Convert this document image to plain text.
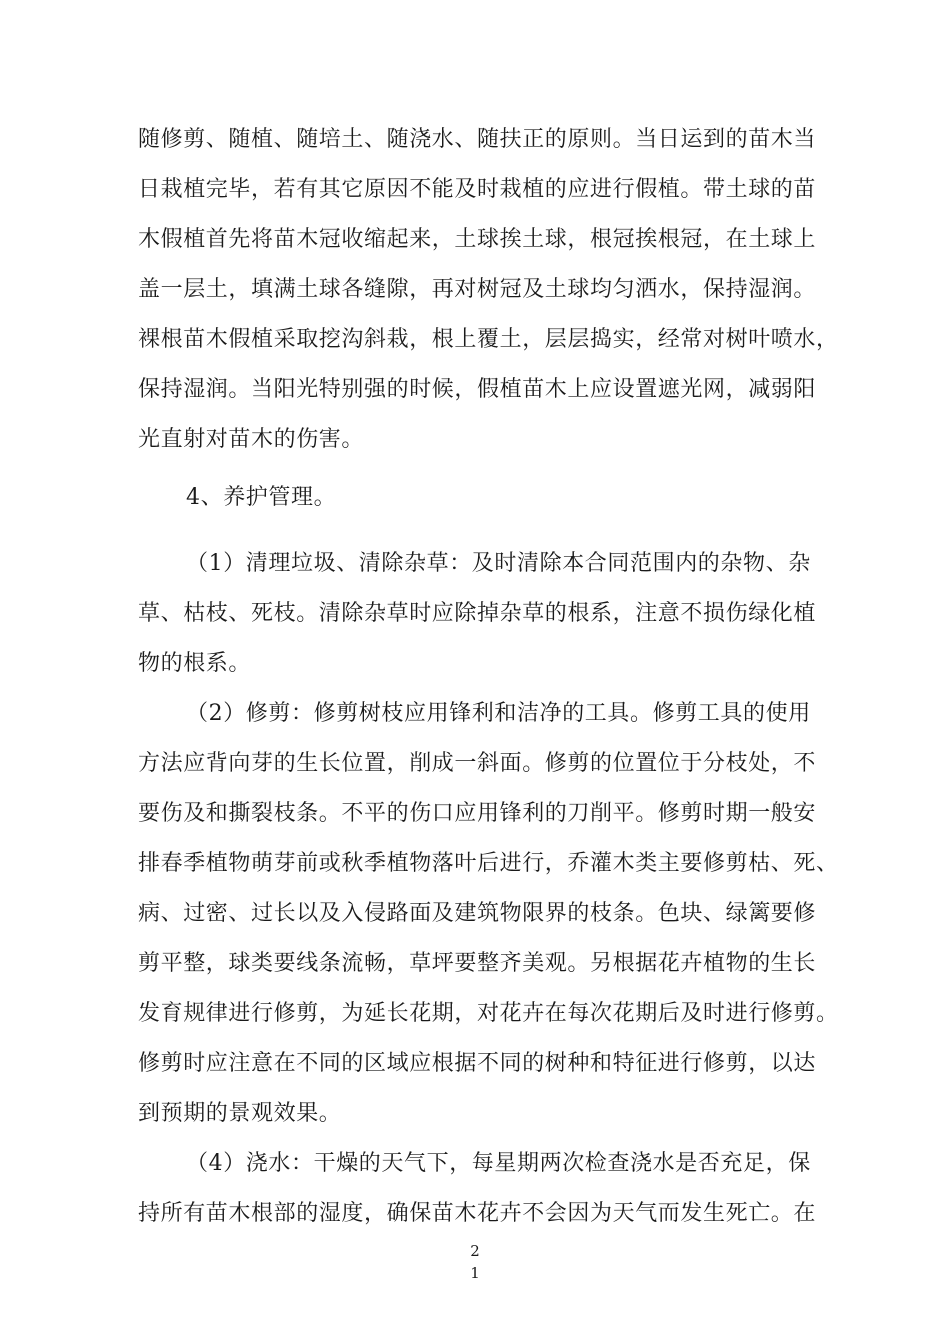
随修剪、随植、随培土、随浇水、随扶正的原则。当日运到的苗木当
日栽植完毕，若有其它原因不能及时栽植的应进行假植。带土球的苗
木假植首先将苗木冠收缩起来，土球挨土球，根冠挨根冠，在土球上
盖一层土，填满土球各缝隙，再对树冠及土球均匀洒水，保持湿润。
裸根苗木假植采取挖沟斜栽，根上覆土，层层捣实，经常对树叶喷水，
保持湿润。当阳光特别强的时候，假植苗木上应设置遮光网，减弱阳
光直射对苗木的伤害。
4、养护管理。
（1）清理垃圾、清除杂草：及时清除本合同范围内的杂物、杂
草、枯枝、死枝。清除杂草时应除掉杂草的根系，注意不损伤绿化植
物的根系。
（2）修剪：修剪树枝应用锋利和洁净的工具。修剪工具的使用
方法应背向芽的生长位置，削成一斜面。修剪的位置位于分枝处，不
要伤及和撕裂枝条。不平的伤口应用锋利的刀削平。修剪时期一般安
排春季植物萌芽前或秋季植物落叶后进行，乔灌木类主要修剪枯、死、
病、过密、过长以及入侵路面及建筑物限界的枝条。色块、绿篱要修
剪平整，球类要线条流畅，草坪要整齐美观。另根据花卉植物的生长
发育规律进行修剪，为延长花期，对花卉在每次花期后及时进行修剪。
修剪时应注意在不同的区域应根据不同的树种和特征进行修剪，以达
到预期的景观效果。
（4）浇水：干燥的天气下，每星期两次检查浇水是否充足，保
持所有苗木根部的湿度，确保苗木花卉不会因为天气而发生死亡。在
2
1
